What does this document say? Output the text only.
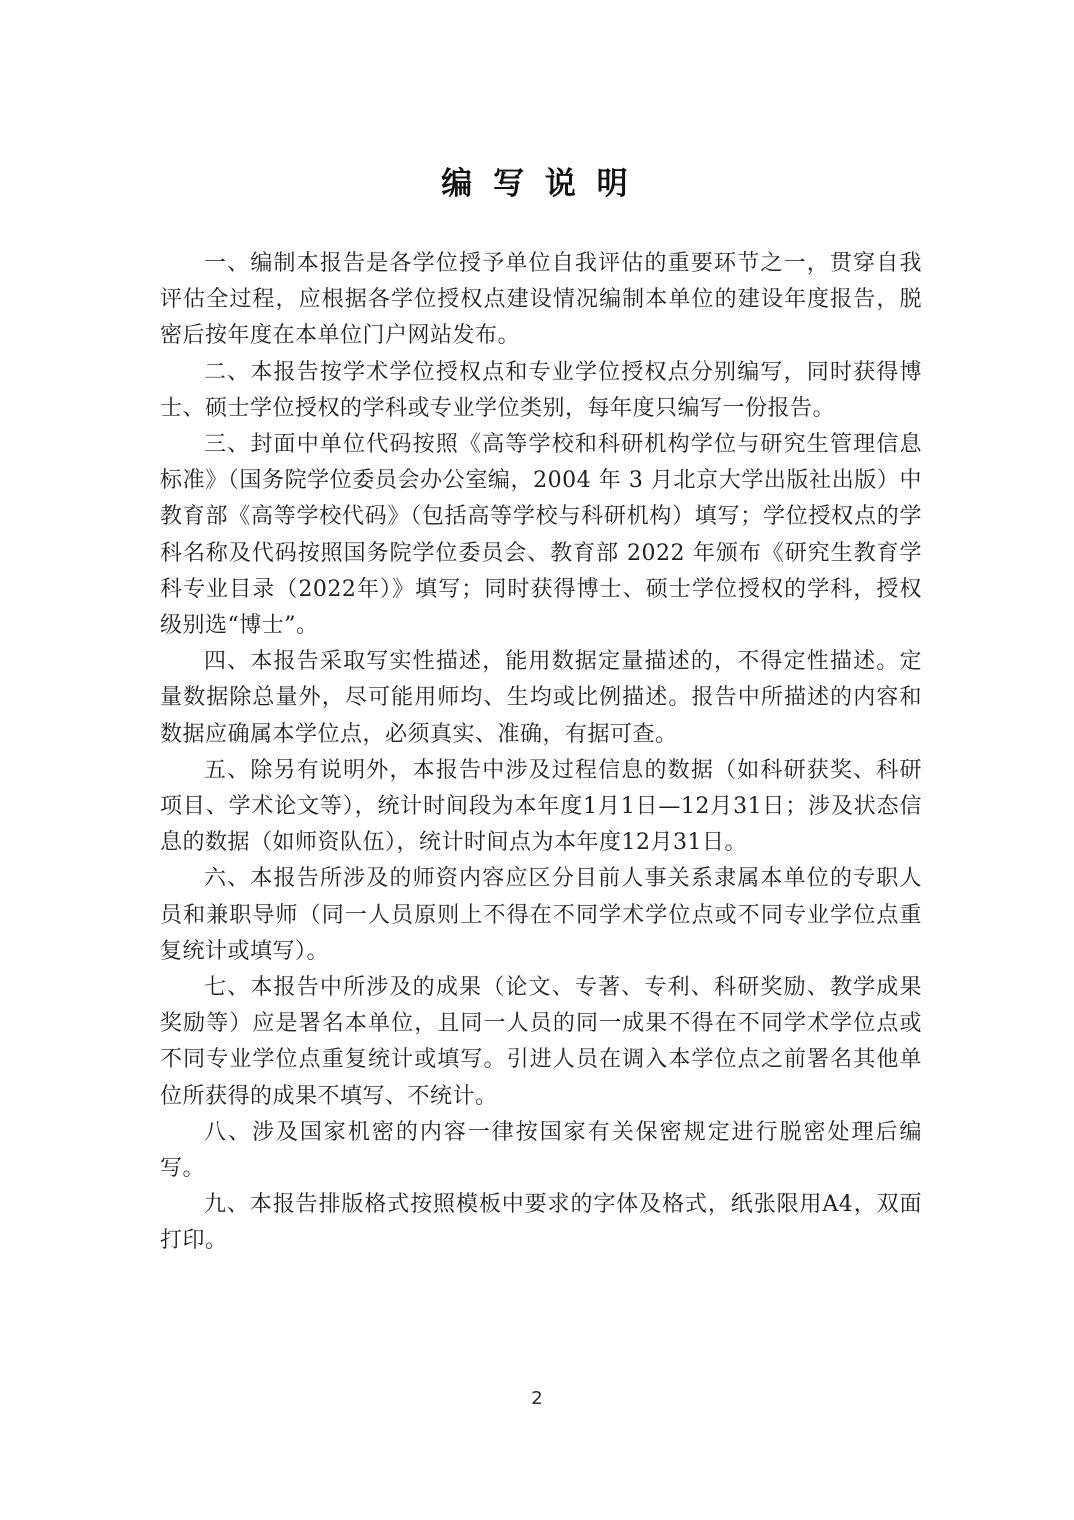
编 写 说 明

一、编制本报告是各学位授予单位自我评估的重要环节之一，贯穿自我评估全过程，应根据各学位授权点建设情况编制本单位的建设年度报告，脱密后按年度在本单位门户网站发布。

二、本报告按学术学位授权点和专业学位授权点分别编写，同时获得博士、硕士学位授权的学科或专业学位类别，每年度只编写一份报告。

三、封面中单位代码按照《高等学校和科研机构学位与研究生管理信息标准》（国务院学位委员会办公室编，2004 年 3 月北京大学出版社出版）中教育部《高等学校代码》（包括高等学校与科研机构）填写；学位授权点的学科名称及代码按照国务院学位委员会、教育部 2022 年颁布《研究生教育学科专业目录（2022年）》填写；同时获得博士、硕士学位授权的学科，授权级别选“博士”。

四、本报告采取写实性描述，能用数据定量描述的，不得定性描述。定量数据除总量外，尽可能用师均、生均或比例描述。报告中所描述的内容和数据应确属本学位点，必须真实、准确，有据可查。

五、除另有说明外，本报告中涉及过程信息的数据（如科研获奖、科研项目、学术论文等），统计时间段为本年度1月1日—12月31日；涉及状态信息的数据（如师资队伍），统计时间点为本年度12月31日。

六、本报告所涉及的师资内容应区分目前人事关系隶属本单位的专职人员和兼职导师（同一人员原则上不得在不同学术学位点或不同专业学位点重复统计或填写）。

七、本报告中所涉及的成果（论文、专著、专利、科研奖励、教学成果奖励等）应是署名本单位，且同一人员的同一成果不得在不同学术学位点或不同专业学位点重复统计或填写。引进人员在调入本学位点之前署名其他单位所获得的成果不填写、不统计。

八、涉及国家机密的内容一律按国家有关保密规定进行脱密处理后编写。

九、本报告排版格式按照模板中要求的字体及格式，纸张限用A4，双面打印。

2
